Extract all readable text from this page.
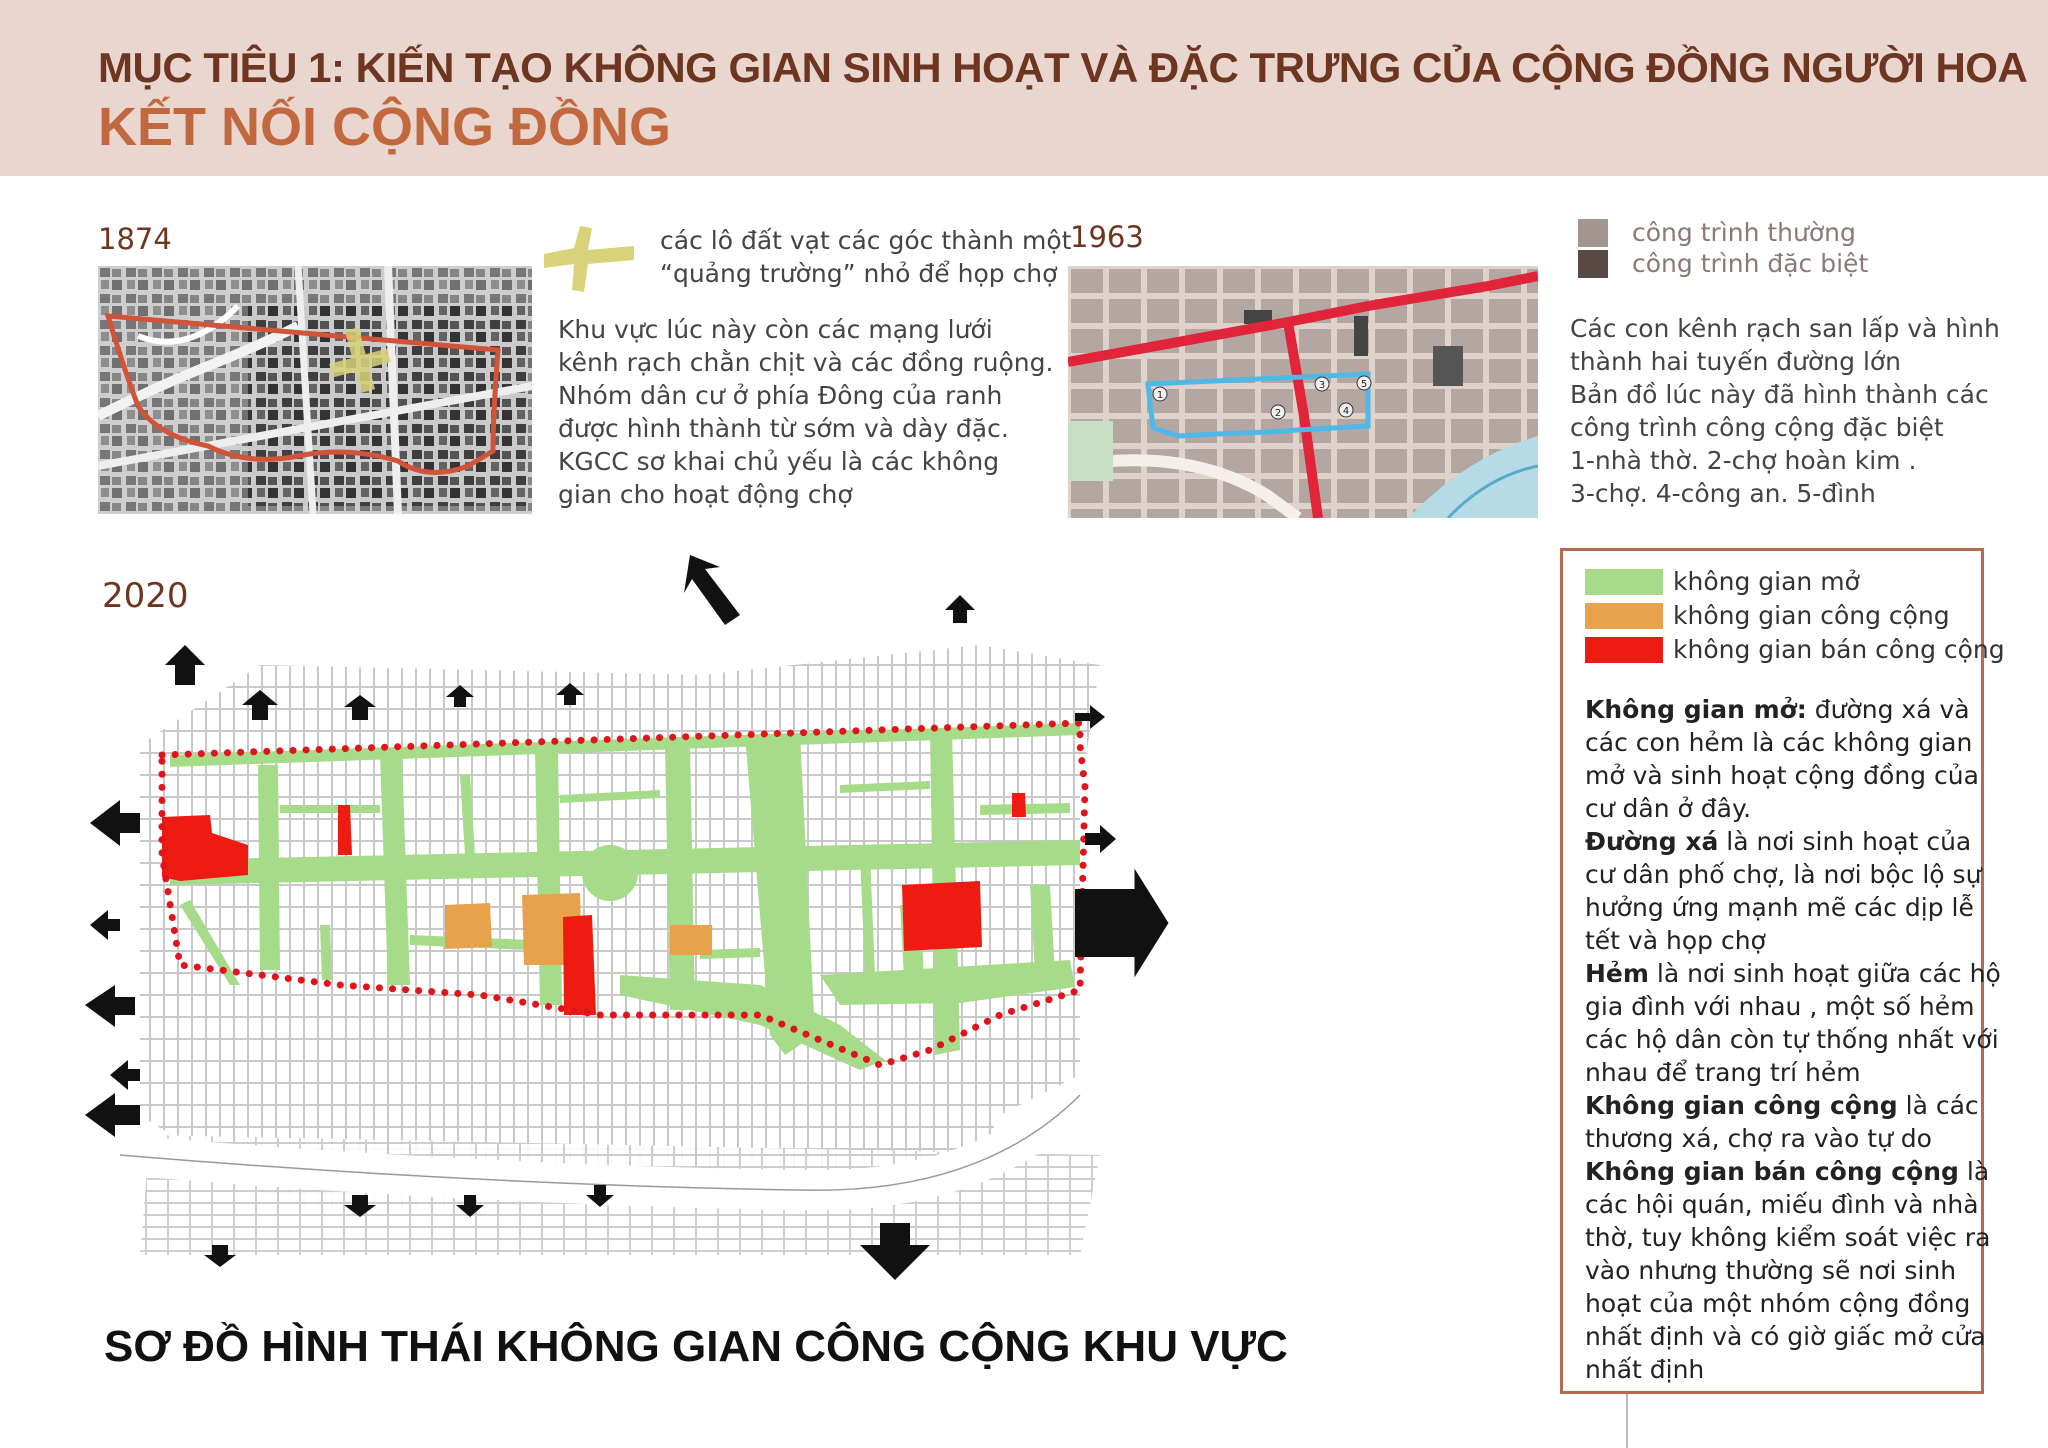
MỤC TIÊU 1: KIẾN TẠO KHÔNG GIAN SINH HOẠT VÀ ĐẶC TRƯNG CỦA CỘNG ĐỒNG NGƯỜI HOA
KẾT NỐI CỘNG ĐỒNG
1874	các lô đất vạt các góc thành một
“quảng trường” nhỏ để họp chợ
Khu vực lúc này còn các mạng lưới
kênh rạch chằn chịt và các đồng ruộng.
Nhóm dân cư ở phía Đông của ranh
được hình thành từ sớm và dày đặc.
KGCC sơ khai chủ yếu là các không
gian cho hoạt động chợ
1963
1
2
3
4
5
công trình thường
công trình đặc biệt
Các con kênh rạch san lấp và hình
thành hai tuyến đường lớn
Bản đồ lúc này đã hình thành các
công trình công cộng đặc biệt
1-nhà thờ. 2-chợ hoàn kim .
3-chợ. 4-công an. 5-đình
2020
SƠ ĐỒ HÌNH THÁI KHÔNG GIAN CÔNG CỘNG KHU VỰC
không gian mở
không gian công cộng
không gian bán công cộng
Không gian mở: đường xá và
các con hẻm là các không gian
mở và sinh hoạt cộng đồng của
cư dân ở đây.
Đường xá là nơi sinh hoạt của
cư dân phố chợ, là nơi bộc lộ sự
hưởng ứng mạnh mẽ các dịp lễ
tết và họp chợ
Hẻm là nơi sinh hoạt giữa các hộ
gia đình với nhau , một số hẻm
các hộ dân còn tự thống nhất với
nhau để trang trí hẻm
Không gian công cộng là các
thương xá, chợ ra vào tự do
Không gian bán công cộng là
các hội quán, miếu đình và nhà
thờ, tuy không kiểm soát việc ra
vào nhưng thường sẽ nơi sinh
hoạt của một nhóm cộng đồng
nhất định và có giờ giấc mở cửa
nhất định
